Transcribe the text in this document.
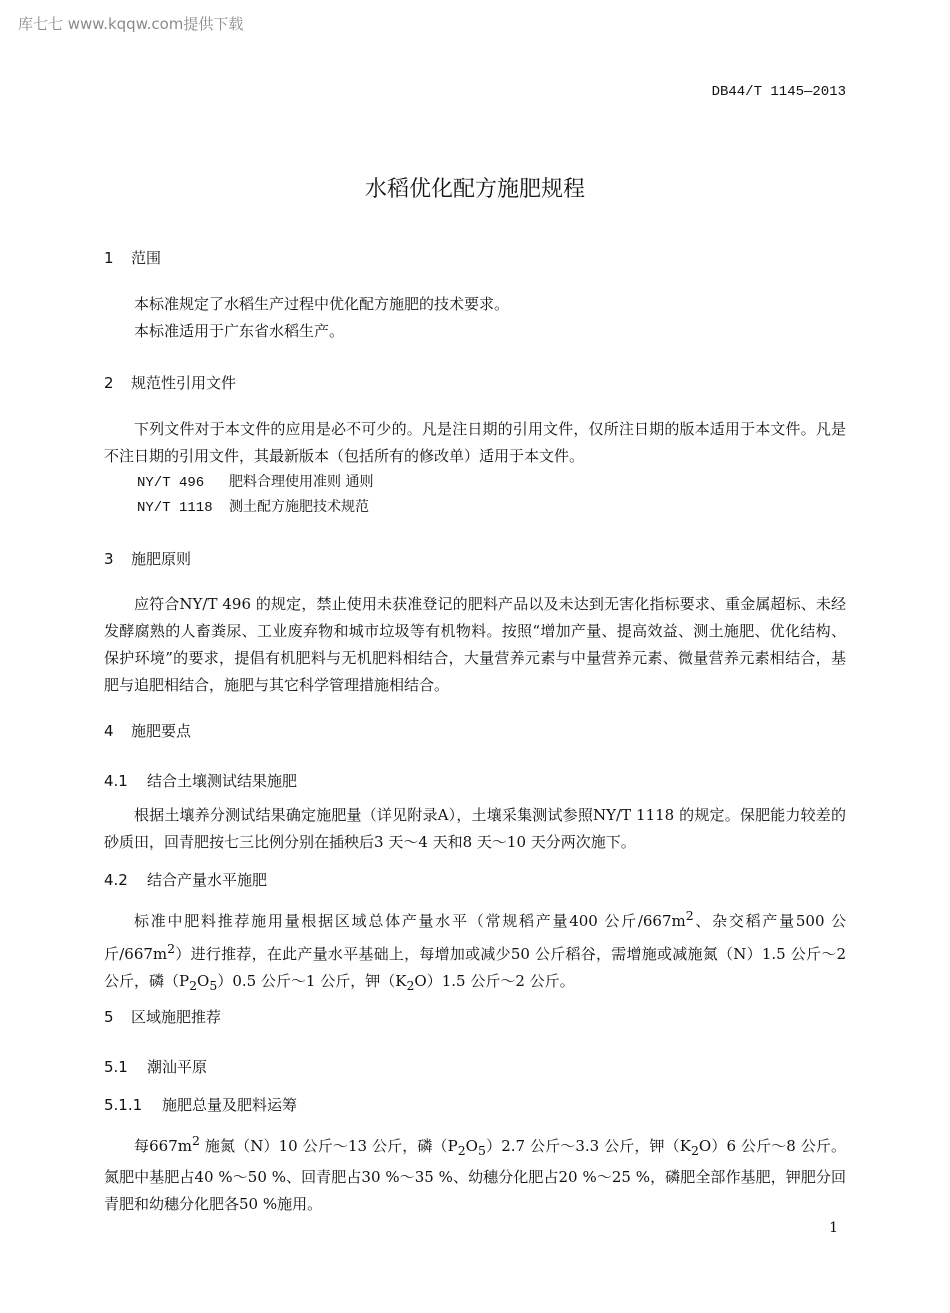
库七七 www.kqqw.com提供下载
DB44/T 1145—2013
水稻优化配方施肥规程
1 范围
本标准规定了水稻生产过程中优化配方施肥的技术要求。
本标准适用于广东省水稻生产。
2 规范性引用文件
下列文件对于本文件的应用是必不可少的。凡是注日期的引用文件，仅所注日期的版本适用于本文件。凡是不注日期的引用文件，其最新版本（包括所有的修改单）适用于本文件。
NY/T 496 肥料合理使用准则 通则
NY/T 1118 测土配方施肥技术规范
3 施肥原则
应符合NY/T 496 的规定，禁止使用未获准登记的肥料产品以及未达到无害化指标要求、重金属超标、未经发酵腐熟的人畜粪尿、工业废弃物和城市垃圾等有机物料。按照“增加产量、提高效益、测土施肥、优化结构、保护环境”的要求，提倡有机肥料与无机肥料相结合，大量营养元素与中量营养元素、微量营养元素相结合，基肥与追肥相结合，施肥与其它科学管理措施相结合。
4 施肥要点
4.1 结合土壤测试结果施肥
根据土壤养分测试结果确定施肥量（详见附录A），土壤采集测试参照NY/T 1118 的规定。保肥能力较差的砂质田，回青肥按七三比例分别在插秧后3 天～4 天和8 天～10 天分两次施下。
4.2 结合产量水平施肥
标准中肥料推荐施用量根据区域总体产量水平（常规稻产量400 公斤$/667m^2$、杂交稻产量500 公斤$/667m^2$）进行推荐，在此产量水平基础上，每增加或减少50 公斤稻谷，需增施或减施氮（N）1.5 公斤～2 公斤，磷$(P_2O_5)0.5$ 公斤～1 公斤，钾$(K_2O)1.5$ 公斤～2 公斤。
5 区域施肥推荐
5.1 潮汕平原
5.1.1 施肥总量及肥料运筹
每$667m^2$ 施氮（N）10 公斤～13 公斤，磷$(P_2O_5)2.7$ 公斤～3.3 公斤，钾$(K_2O)6$ 公斤～8 公斤。氮肥中基肥占40 %～50 %、回青肥占30 %～35 %、幼穗分化肥占20 %～25 %，磷肥全部作基肥，钾肥分回青肥和幼穗分化肥各50 %施用。
1
